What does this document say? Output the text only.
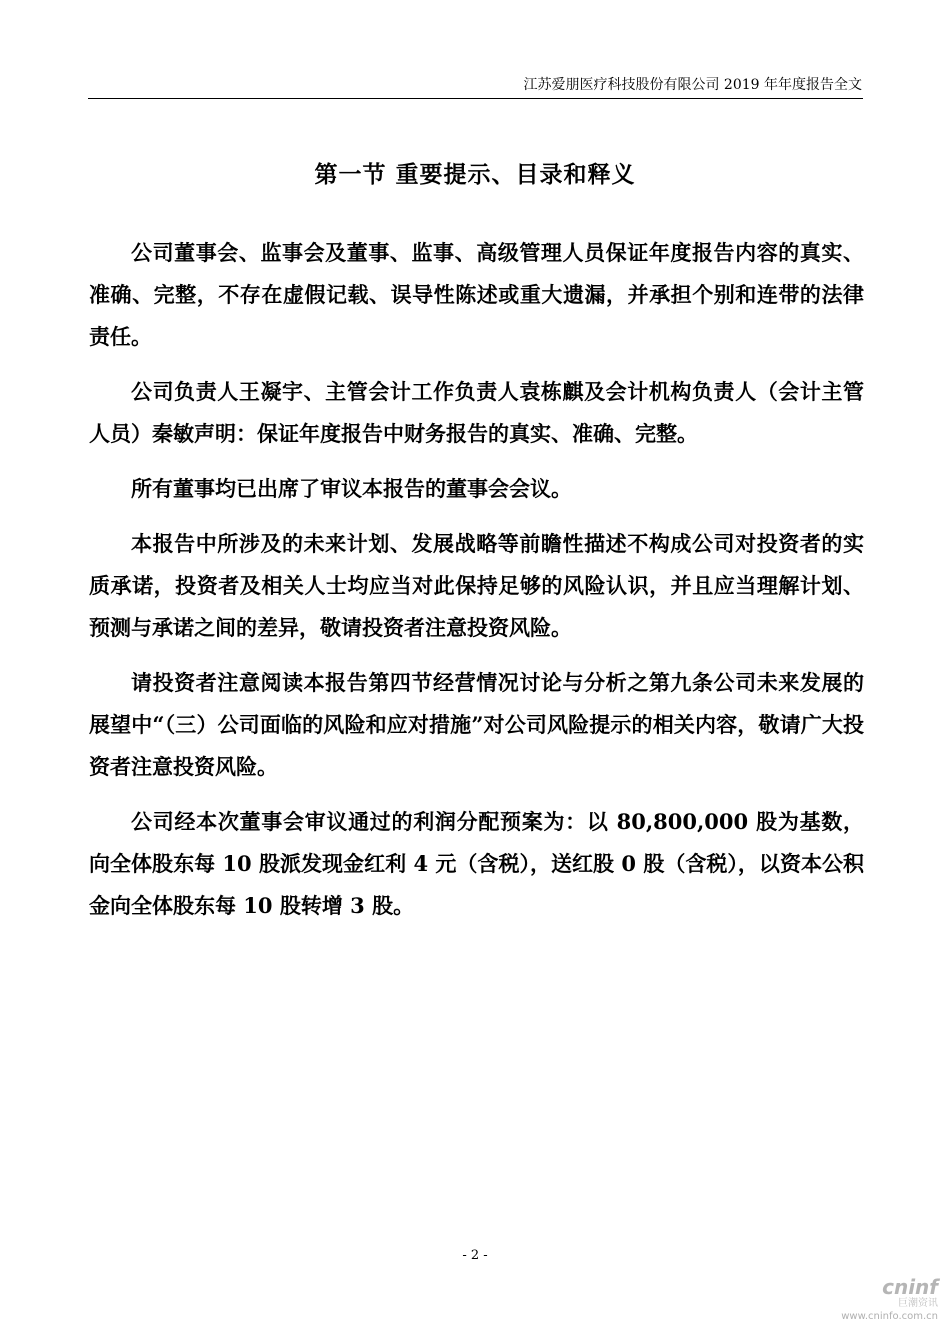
江苏爱朋医疗科技股份有限公司 2019 年年度报告全文
第一节 重要提示、目录和释义

公司董事会、监事会及董事、监事、高级管理人员保证年度报告内容的真实、准确、完整，不存在虚假记载、误导性陈述或重大遗漏，并承担个别和连带的法律责任。

公司负责人王凝宇、主管会计工作负责人袁栋麒及会计机构负责人（会计主管人员）秦敏声明：保证年度报告中财务报告的真实、准确、完整。

所有董事均已出席了审议本报告的董事会会议。

本报告中所涉及的未来计划、发展战略等前瞻性描述不构成公司对投资者的实质承诺，投资者及相关人士均应当对此保持足够的风险认识，并且应当理解计划、预测与承诺之间的差异，敬请投资者注意投资风险。

请投资者注意阅读本报告第四节经营情况讨论与分析之第九条公司未来发展的展望中“（三）公司面临的风险和应对措施”对公司风险提示的相关内容，敬请广大投资者注意投资风险。

公司经本次董事会审议通过的利润分配预案为：以 80,800,000 股为基数，向全体股东每 10 股派发现金红利 4 元（含税），送红股 0 股（含税），以资本公积金向全体股东每 10 股转增 3 股。

- 2 -
cninf
巨潮资讯
www.cninfo.com.cn
